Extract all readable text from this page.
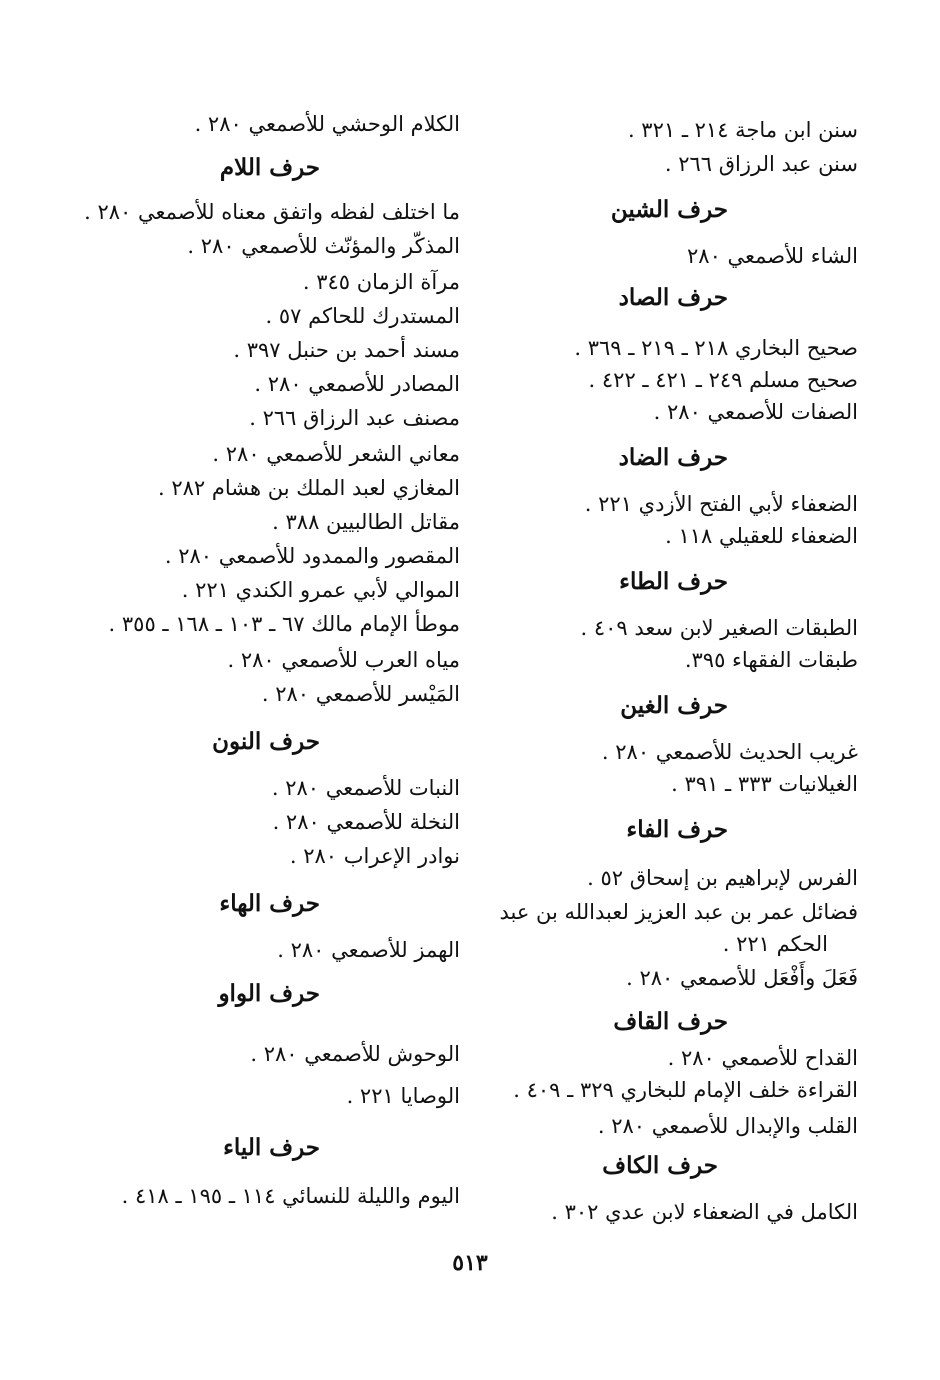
سنن ابن ماجة ٢١٤ ـ ٣٢١ .
سنن عبد الرزاق ٢٦٦ .
حرف الشين
الشاء للأصمعي ٢٨٠
حرف الصاد
صحيح البخاري ٢١٨ ـ ٢١٩ ـ ٣٦٩ .
صحيح مسلم ٢٤٩ ـ ٤٢١ ـ ٤٢٢ .
الصفات للأصمعي ٢٨٠ .
حرف الضاد
الضعفاء لأبي الفتح الأزدي ٢٢١ .
الضعفاء للعقيلي ١١٨ .
حرف الطاء
الطبقات الصغير لابن سعد ٤٠٩ .
طبقات الفقهاء ٣٩٥.
حرف الغين
غريب الحديث للأصمعي ٢٨٠ .
الغيلانيات ٣٣٣ ـ ٣٩١ .
حرف الفاء
الفرس لإبراهيم بن إسحاق ٥٢ .
فضائل عمر بن عبد العزيز لعبدالله بن عبد
الحكم ٢٢١ .
فَعَلَ وأَفْعَل للأصمعي ٢٨٠ .
حرف القاف
القداح للأصمعي ٢٨٠ .
القراءة خلف الإمام للبخاري ٣٢٩ ـ ٤٠٩ .
القلب والإبدال للأصمعي ٢٨٠ .
حرف الكاف
الكامل في الضعفاء لابن عدي ٣٠٢ .
الكلام الوحشي للأصمعي ٢٨٠ .
حرف اللام
ما اختلف لفظه واتفق معناه للأصمعي ٢٨٠ .
المذكّر والمؤنّث للأصمعي ٢٨٠ .
مرآة الزمان ٣٤٥ .
المستدرك للحاكم ٥٧ .
مسند أحمد بن حنبل ٣٩٧ .
المصادر للأصمعي ٢٨٠ .
مصنف عبد الرزاق ٢٦٦ .
معاني الشعر للأصمعي ٢٨٠ .
المغازي لعبد الملك بن هشام ٢٨٢ .
مقاتل الطالبيين ٣٨٨ .
المقصور والممدود للأصمعي ٢٨٠ .
الموالي لأبي عمرو الكندي ٢٢١ .
موطأ الإمام مالك ٦٧ ـ ١٠٣ ـ ١٦٨ ـ ٣٥٥ .
مياه العرب للأصمعي ٢٨٠ .
المَيْسر للأصمعي ٢٨٠ .
حرف النون
النبات للأصمعي ٢٨٠ .
النخلة للأصمعي ٢٨٠ .
نوادر الإعراب ٢٨٠ .
حرف الهاء
الهمز للأصمعي ٢٨٠ .
حرف الواو
الوحوش للأصمعي ٢٨٠ .
الوصايا ٢٢١ .
حرف الياء
اليوم والليلة للنسائي ١١٤ ـ ١٩٥ ـ ٤١٨ .
٥١٣
